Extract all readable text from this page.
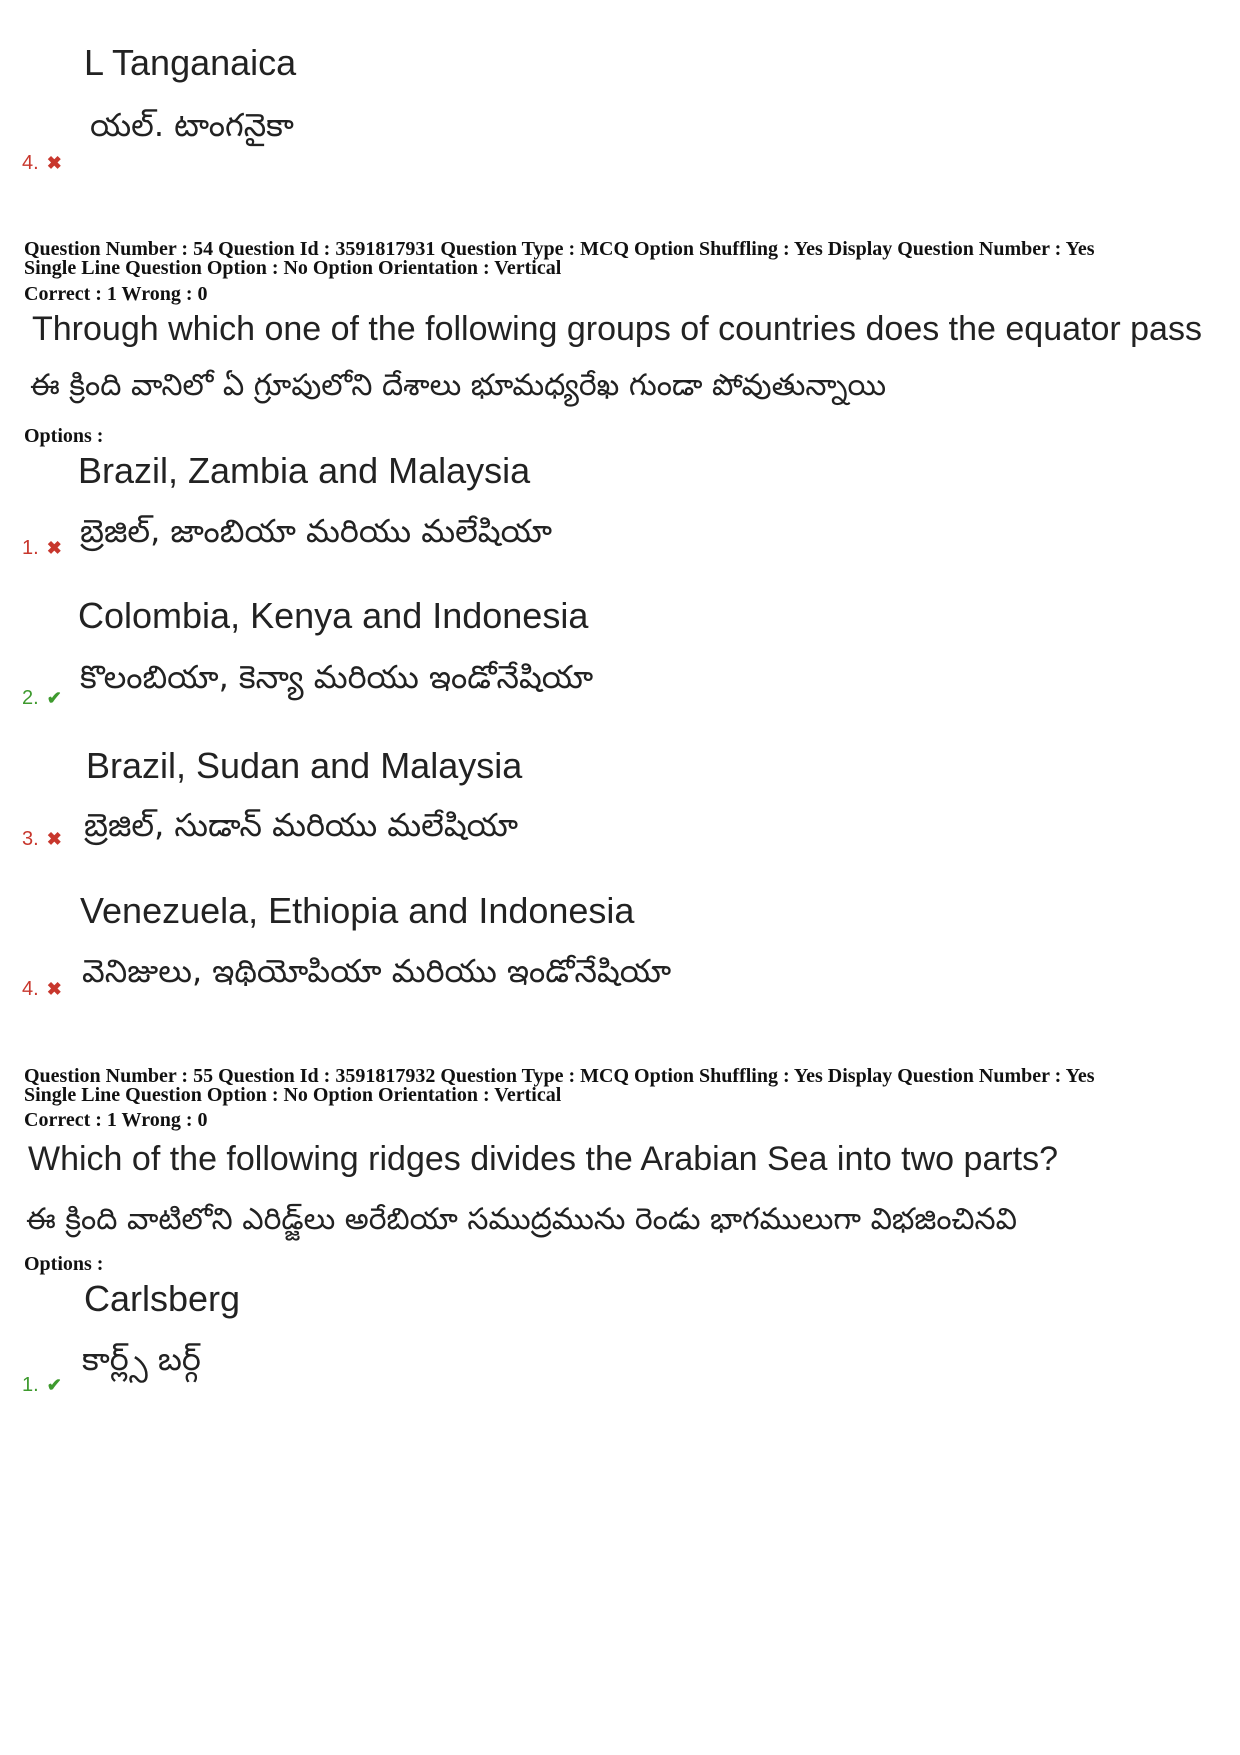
L Tanganaica
యల్. టాంగనైకా
4. ✖
Question Number : 54 Question Id : 3591817931 Question Type : MCQ Option Shuffling : Yes Display Question Number : Yes
Single Line Question Option : No Option Orientation : Vertical
Correct : 1 Wrong : 0
Through which one of the following groups of countries does the equator pass
ఈ క్రింది వానిలో ఏ గ్రూపులోని దేశాలు భూమధ్యరేఖ గుండా పోవుతున్నాయి
Options :
Brazil, Zambia and Malaysia
బ్రెజిల్, జాంబియా మరియు మలేషియా
1. ✖
Colombia, Kenya and Indonesia
కొలంబియా, కెన్యా మరియు ఇండోనేషియా
2. ✔
Brazil, Sudan and Malaysia
బ్రెజిల్, సుడాన్ మరియు మలేషియా
3. ✖
Venezuela, Ethiopia and Indonesia
వెనిజులు, ఇథియోపియా మరియు ఇండోనేషియా
4. ✖
Question Number : 55 Question Id : 3591817932 Question Type : MCQ Option Shuffling : Yes Display Question Number : Yes
Single Line Question Option : No Option Orientation : Vertical
Correct : 1 Wrong : 0
Which of the following ridges divides the Arabian Sea into two parts?
ఈ క్రింది వాటిలోని ఎరిడ్జ్‌లు అరేబియా సముద్రమును రెండు భాగములుగా విభజించినవి
Options :
Carlsberg
కార్ల్స్ బర్గ్
1. ✔
